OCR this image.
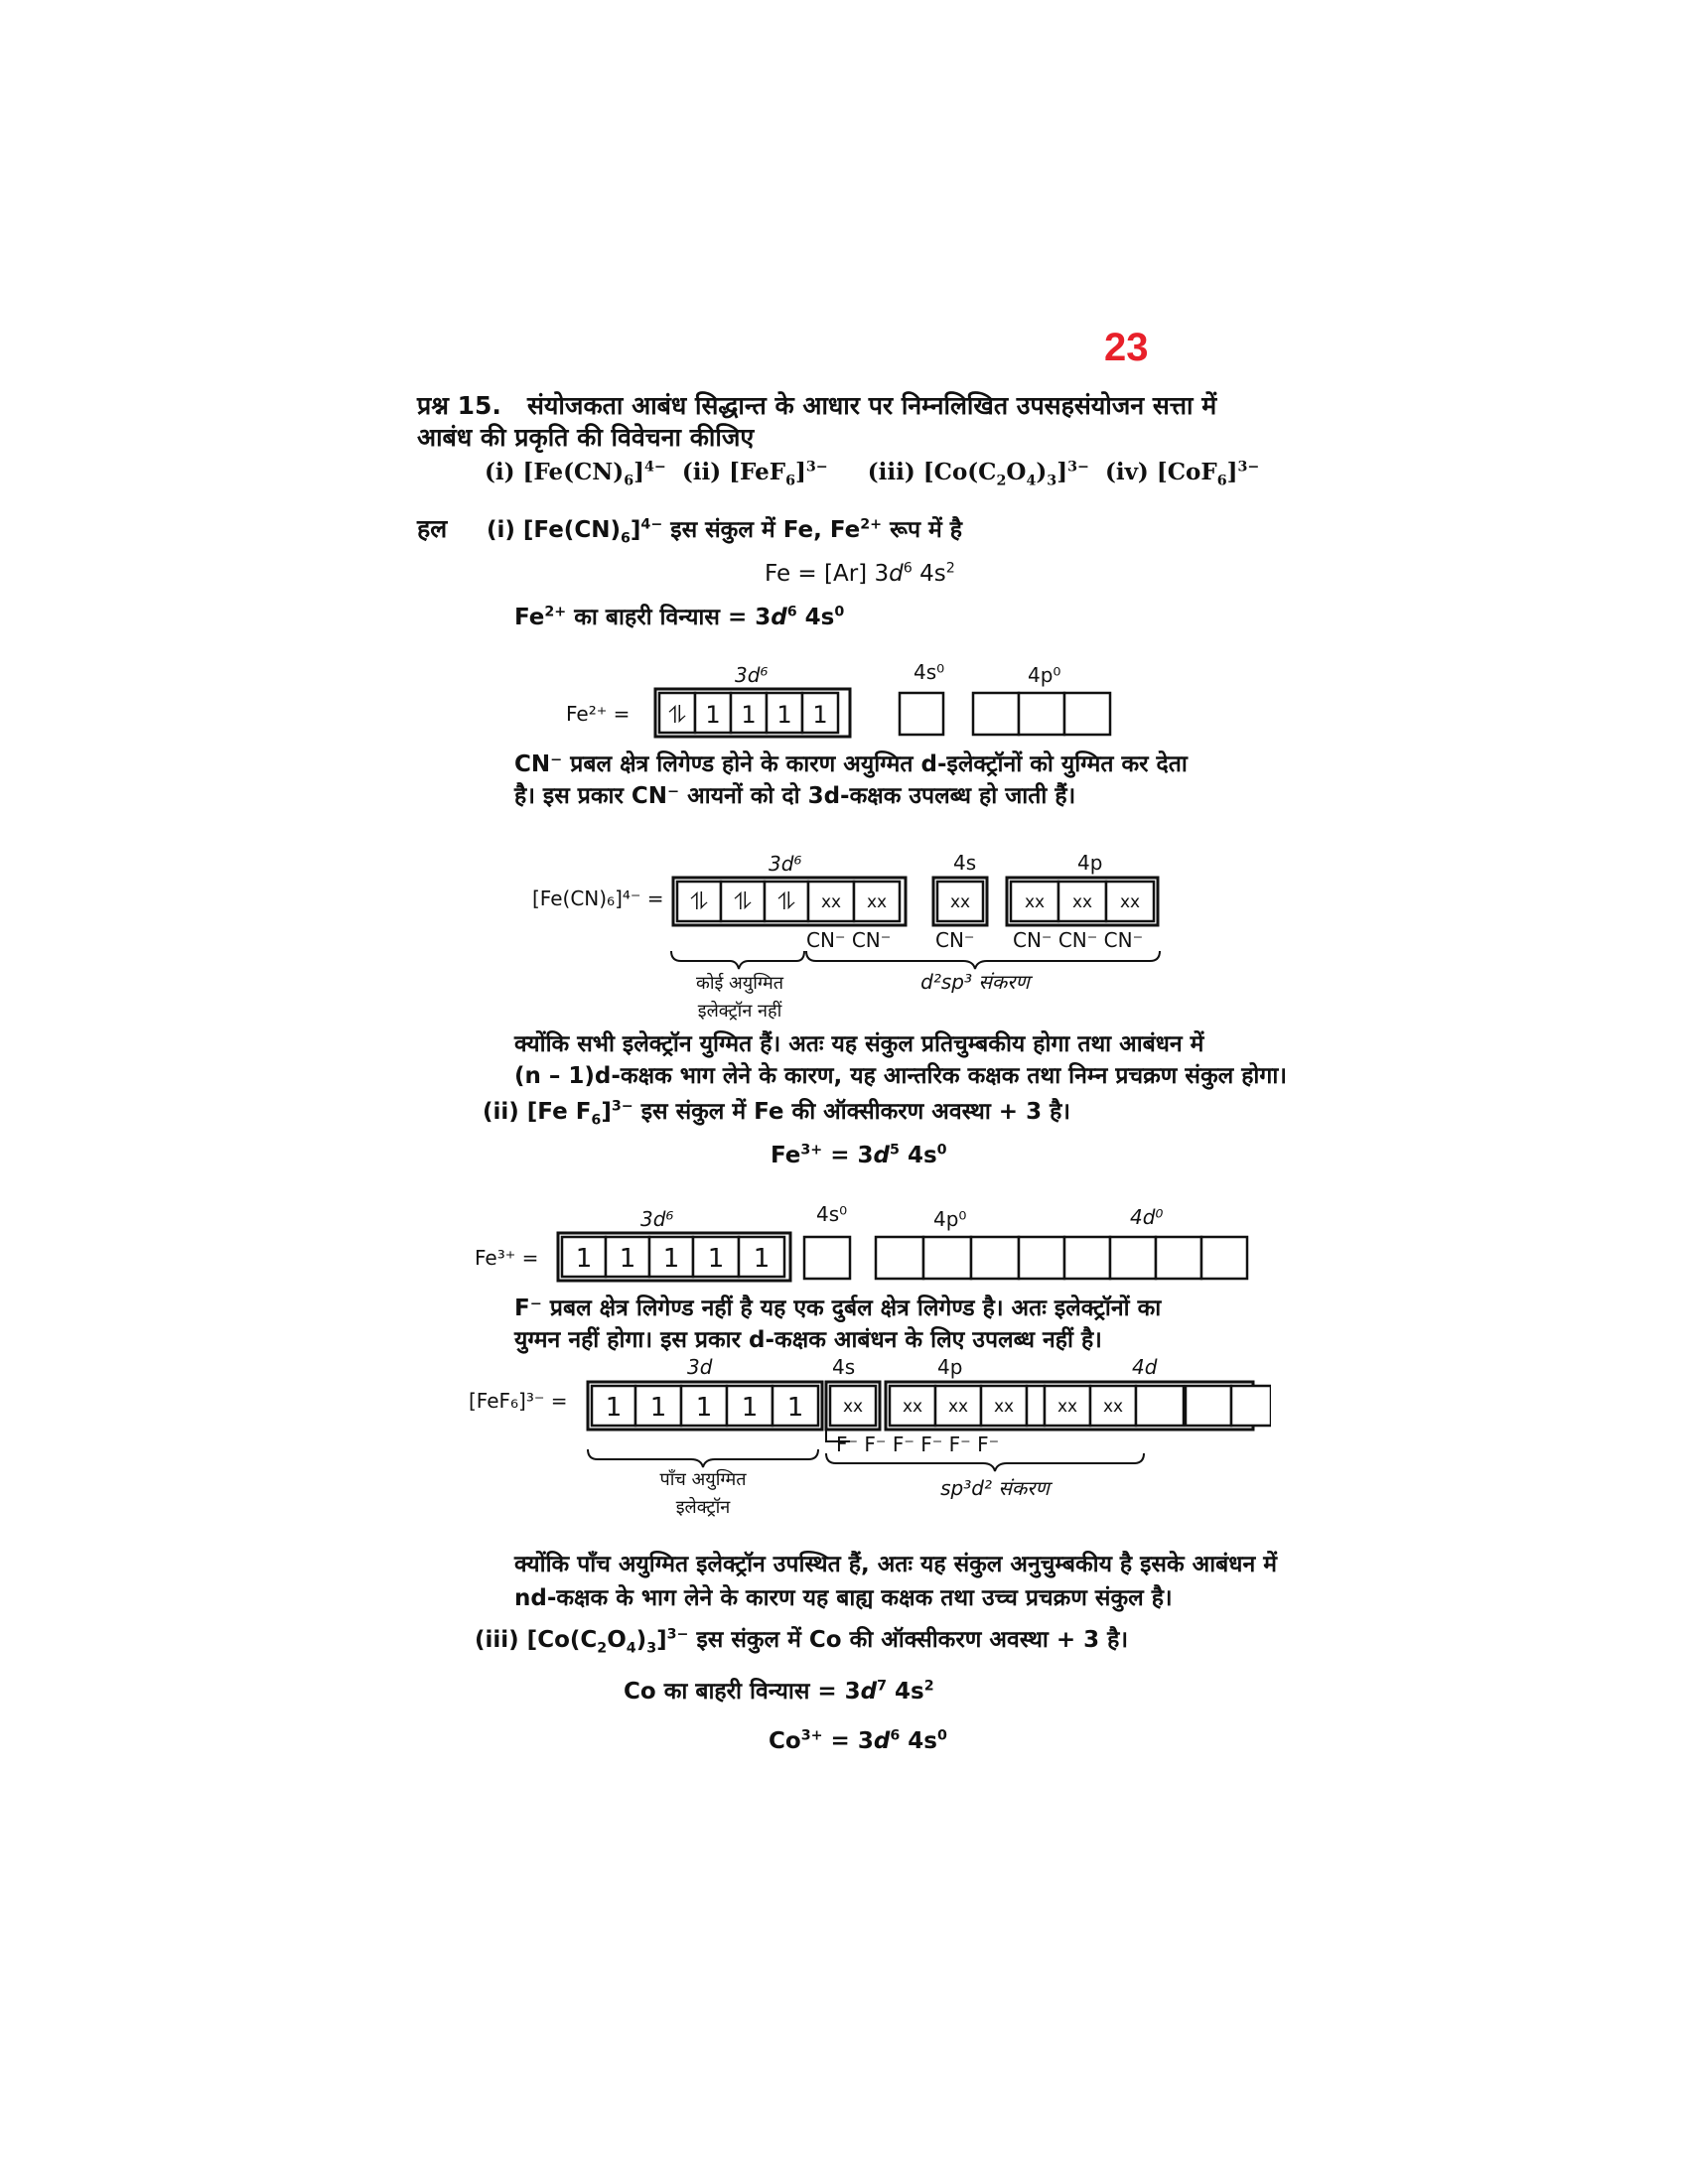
23
प्रश्न 15. संयोजकता आबंध सिद्धान्त के आधार पर निम्नलिखित उपसहसंयोजन सत्ता में
आबंध की प्रकृति की विवेचना कीजिए
(i) $[Fe(CN)_6]^{4-}$ (ii) $[FeF_6]^{3-}$ (iii) $[Co(C_2O_4)_3]^{3-}$ (iv) $[CoF_6]^{3-}$
हल (i) $[Fe(CN)_6]^{4-}$ इस संकुल में Fe, $Fe^{2+}$ रूप में है
Fe = [Ar] $3d^6$ $4s^2$
$Fe^{2+}$ का बाहरी विन्यास = $3d^6$ $4s^0$
Fe²⁺ =
3d⁶	4s⁰	4p⁰
⥮ 1 1 1 1
CN⁻ प्रबल क्षेत्र लिगेण्ड होने के कारण अयुग्मित d-इलेक्ट्रॉनों को युग्मित कर देता
है। इस प्रकार CN⁻ आयनों को दो 3d-कक्षक उपलब्ध हो जाती हैं।
[Fe(CN)₆]⁴⁻ =
3d⁶	4s	4p
⥮ ⥮ ⥮ xx xx	xx	xx xx xx
CN⁻ CN⁻ CN⁻ CN⁻ CN⁻ CN⁻
कोई अयुग्मित
इलेक्ट्रॉन नहीं
d²sp³ संकरण
क्योंकि सभी इलेक्ट्रॉन युग्मित हैं। अतः यह संकुल प्रतिचुम्बकीय होगा तथा आबंधन में
(n – 1)d-कक्षक भाग लेने के कारण, यह आन्तरिक कक्षक तथा निम्न प्रचक्रण संकुल होगा।
(ii) [Fe $F_6]^{3-}$ इस संकुल में Fe की ऑक्सीकरण अवस्था + 3 है।
$Fe^{3+} = 3d^5$ $4s^0$
Fe³⁺ =
3d⁶	4s⁰	4p⁰	4d⁰
1 1 1 1 1
F⁻ प्रबल क्षेत्र लिगेण्ड नहीं है यह एक दुर्बल क्षेत्र लिगेण्ड है। अतः इलेक्ट्रॉनों का
युग्मन नहीं होगा। इस प्रकार d-कक्षक आबंधन के लिए उपलब्ध नहीं है।
[FeF₆]³⁻ =
3d	4s	4p	4d
1 1 1 1 1 xx xx xx xx	xx xx
F⁻ F⁻ F⁻ F⁻ F⁻ F⁻
पाँच अयुग्मित
इलेक्ट्रॉन
sp³d² संकरण
क्योंकि पाँच अयुग्मित इलेक्ट्रॉन उपस्थित हैं, अतः यह संकुल अनुचुम्बकीय है इसके आबंधन में
nd-कक्षक के भाग लेने के कारण यह बाह्य कक्षक तथा उच्च प्रचक्रण संकुल है।
(iii) $[Co(C_2O_4)_3]^{3-}$ इस संकुल में Co की ऑक्सीकरण अवस्था + 3 है।
Co का बाहरी विन्यास = $3d^7$ $4s^2$
$Co^{3+} = 3d^6$ $4s^0$
